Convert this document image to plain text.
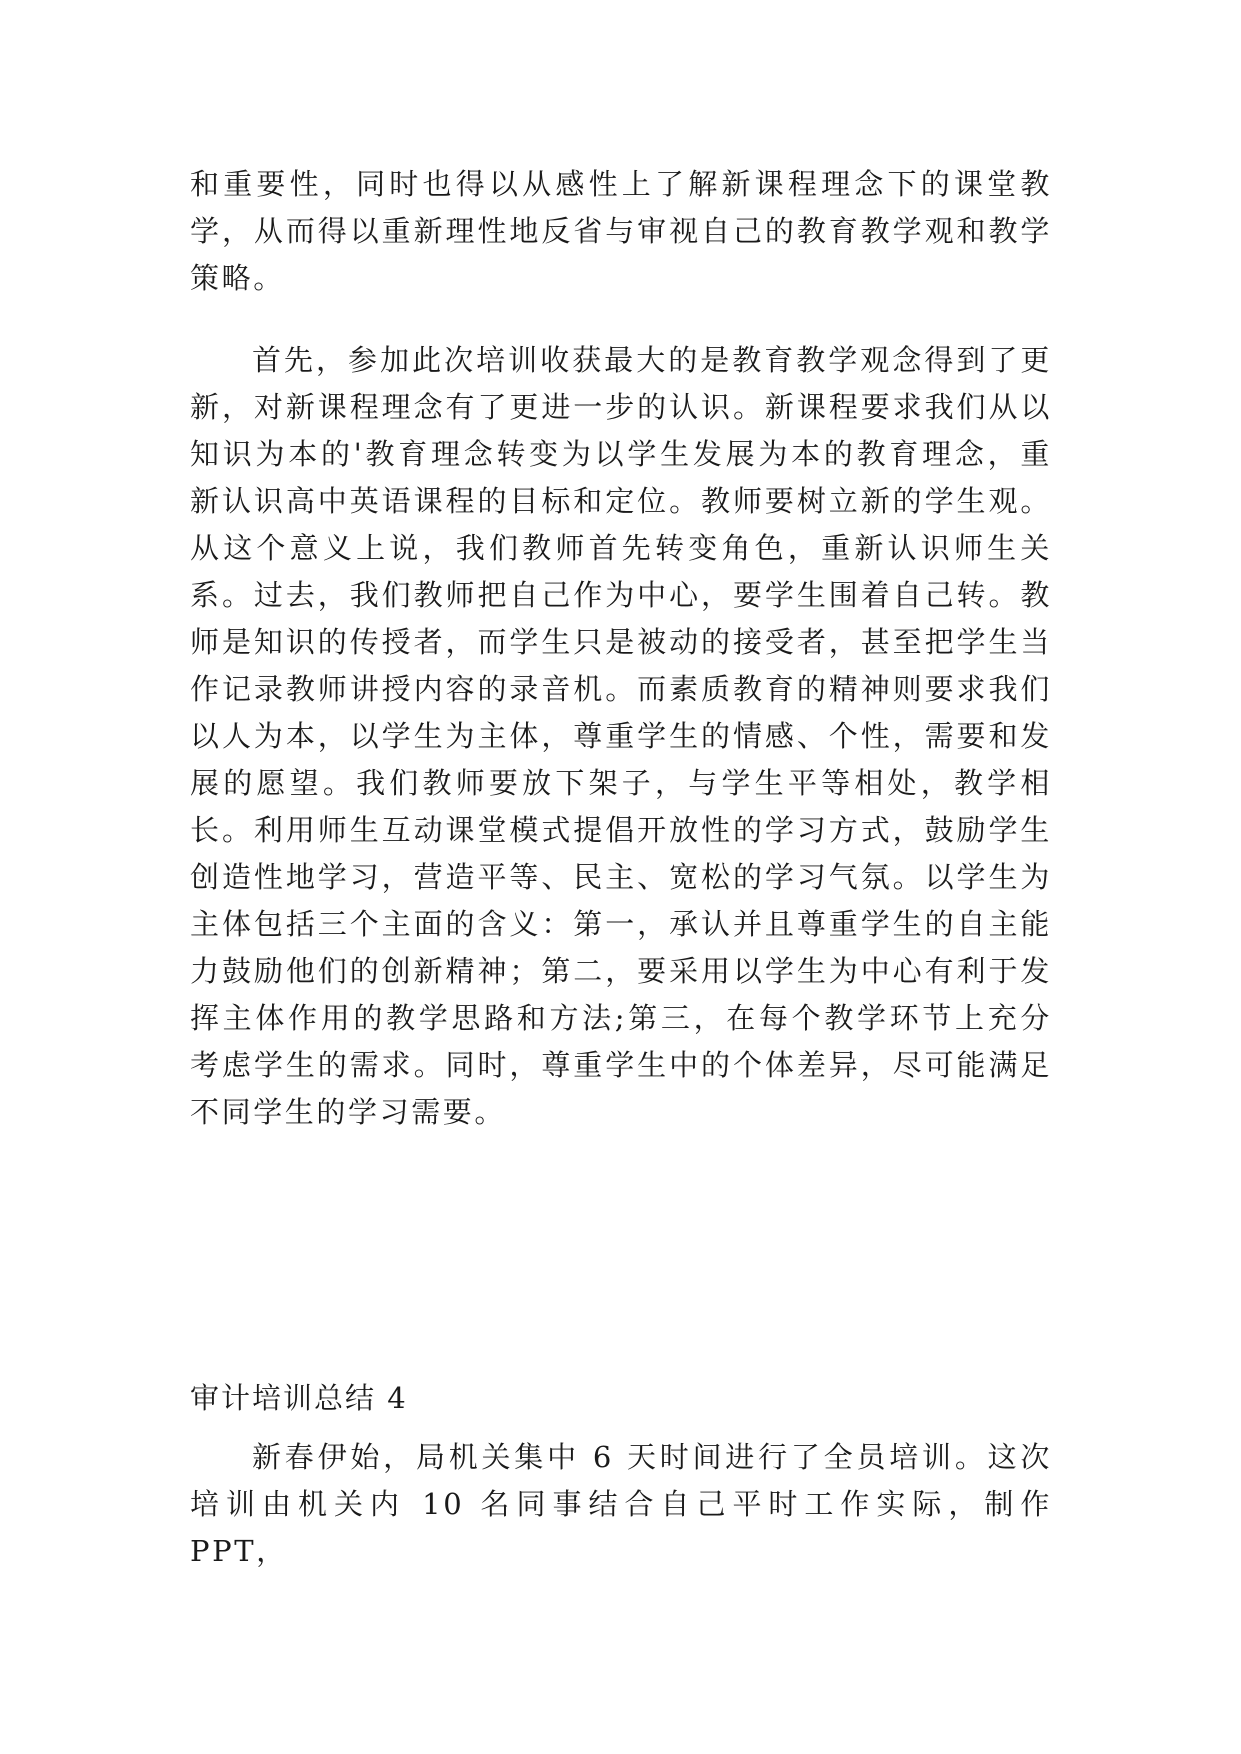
和重要性，同时也得以从感性上了解新课程理念下的课堂教学，从而得以重新理性地反省与审视自己的教育教学观和教学策略。

首先，参加此次培训收获最大的是教育教学观念得到了更新，对新课程理念有了更进一步的认识。新课程要求我们从以知识为本的'教育理念转变为以学生发展为本的教育理念，重新认识高中英语课程的目标和定位。教师要树立新的学生观。从这个意义上说，我们教师首先转变角色，重新认识师生关系。过去，我们教师把自己作为中心，要学生围着自己转。教师是知识的传授者，而学生只是被动的接受者，甚至把学生当作记录教师讲授内容的录音机。而素质教育的精神则要求我们以人为本，以学生为主体，尊重学生的情感、个性，需要和发展的愿望。我们教师要放下架子，与学生平等相处，教学相长。利用师生互动课堂模式提倡开放性的学习方式，鼓励学生创造性地学习，营造平等、民主、宽松的学习气氛。以学生为主体包括三个主面的含义：第一，承认并且尊重学生的自主能力鼓励他们的创新精神；第二，要采用以学生为中心有利于发挥主体作用的教学思路和方法;第三，在每个教学环节上充分考虑学生的需求。同时，尊重学生中的个体差异，尽可能满足不同学生的学习需要。

审计培训总结 4

新春伊始，局机关集中 6 天时间进行了全员培训。这次培训由机关内 10 名同事结合自己平时工作实际，制作 PPT，
